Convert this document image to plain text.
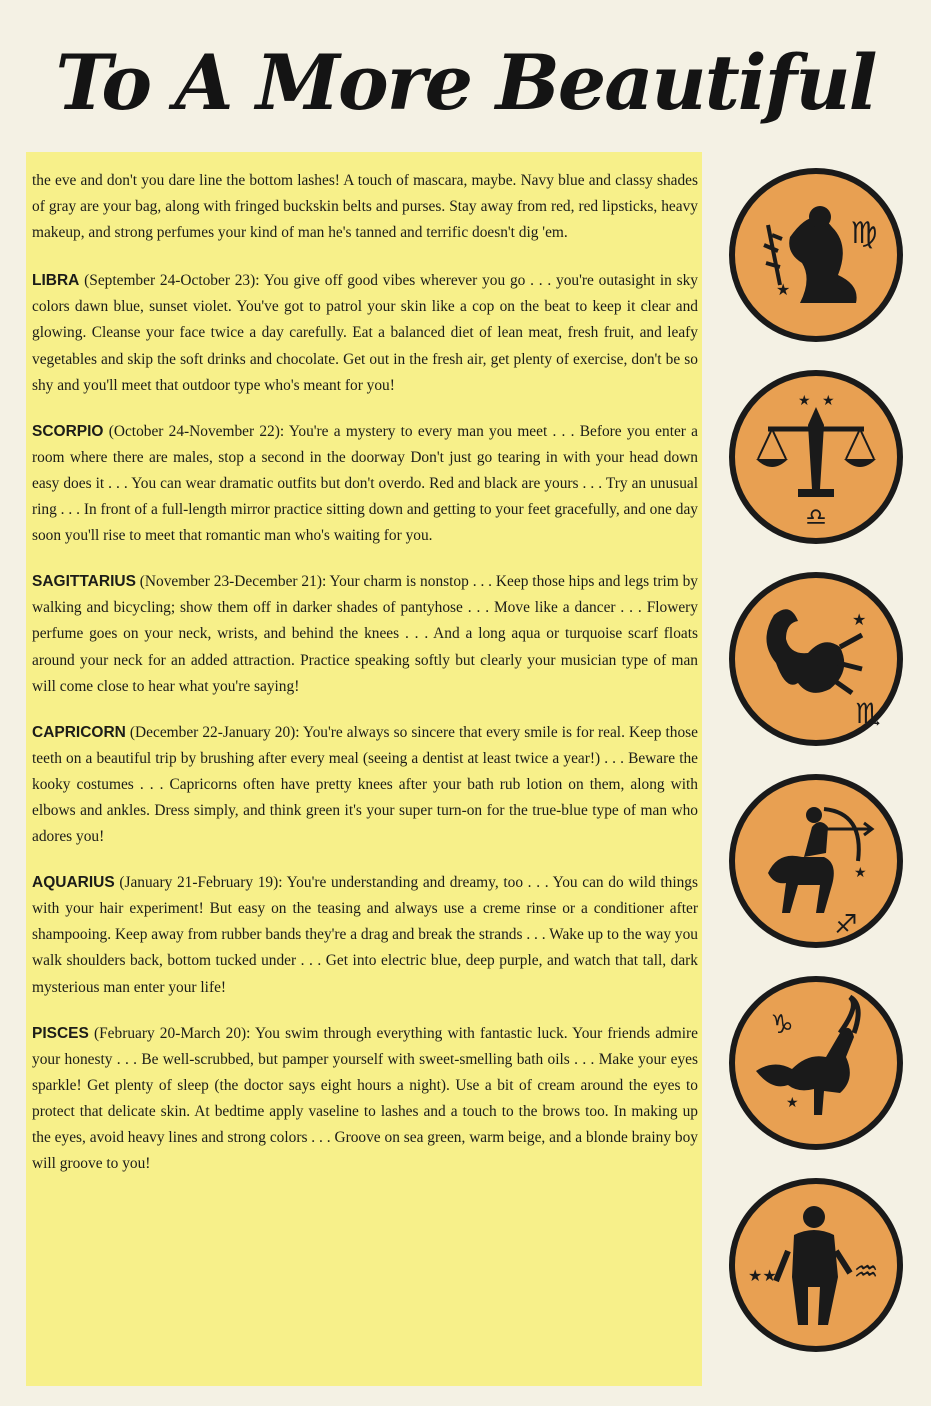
To A More Beautiful

the eve and don't you dare line the bottom lashes! A touch of mascara, maybe. Navy blue and classy shades of gray are your bag, along with fringed buckskin belts and purses. Stay away from red, red lipsticks, heavy makeup, and strong perfumes your kind of man he's tanned and terrific doesn't dig 'em.

LIBRA (September 24-October 23): You give off good vibes wherever you go . . . you're outasight in sky colors dawn blue, sunset violet. You've got to patrol your skin like a cop on the beat to keep it clear and glowing. Cleanse your face twice a day carefully. Eat a balanced diet of lean meat, fresh fruit, and leafy vegetables and skip the soft drinks and chocolate. Get out in the fresh air, get plenty of exercise, don't be so shy and you'll meet that outdoor type who's meant for you!

SCORPIO (October 24-November 22): You're a mystery to every man you meet . . . Before you enter a room where there are males, stop a second in the doorway Don't just go tearing in with your head down easy does it . . . You can wear dramatic outfits but don't overdo. Red and black are yours . . . Try an unusual ring . . . In front of a full-length mirror practice sitting down and getting to your feet gracefully, and one day soon you'll rise to meet that romantic man who's waiting for you.

SAGITTARIUS (November 23-December 21): Your charm is nonstop . . . Keep those hips and legs trim by walking and bicycling; show them off in darker shades of pantyhose . . . Move like a dancer . . . Flowery perfume goes on your neck, wrists, and behind the knees . . . And a long aqua or turquoise scarf floats around your neck for an added attraction. Practice speaking softly but clearly your musician type of man will come close to hear what you're saying!

CAPRICORN (December 22-January 20): You're always so sincere that every smile is for real. Keep those teeth on a beautiful trip by brushing after every meal (seeing a dentist at least twice a year!) . . . Beware the kooky costumes . . . Capricorns often have pretty knees after your bath rub lotion on them, along with elbows and ankles. Dress simply, and think green it's your super turn-on for the true-blue type of man who adores you!

AQUARIUS (January 21-February 19): You're understanding and dreamy, too . . . You can do wild things with your hair experiment! But easy on the teasing and always use a creme rinse or a conditioner after shampooing. Keep away from rubber bands they're a drag and break the strands . . . Wake up to the way you walk shoulders back, bottom tucked under . . . Get into electric blue, deep purple, and watch that tall, dark mysterious man enter your life!

PISCES (February 20-March 20): You swim through everything with fantastic luck. Your friends admire your honesty . . . Be well-scrubbed, but pamper yourself with sweet-smelling bath oils . . . Make your eyes sparkle! Get plenty of sleep (the doctor says eight hours a night). Use a bit of cream around the eyes to protect that delicate skin. At bedtime apply vaseline to lashes and a touch to the brows too. In making up the eyes, avoid heavy lines and strong colors . . . Groove on sea green, warm beige, and a blonde brainy boy will groove to you!

♍
★
★ ★
♎
♏
★
♐
★
♑
★
♒
★★
